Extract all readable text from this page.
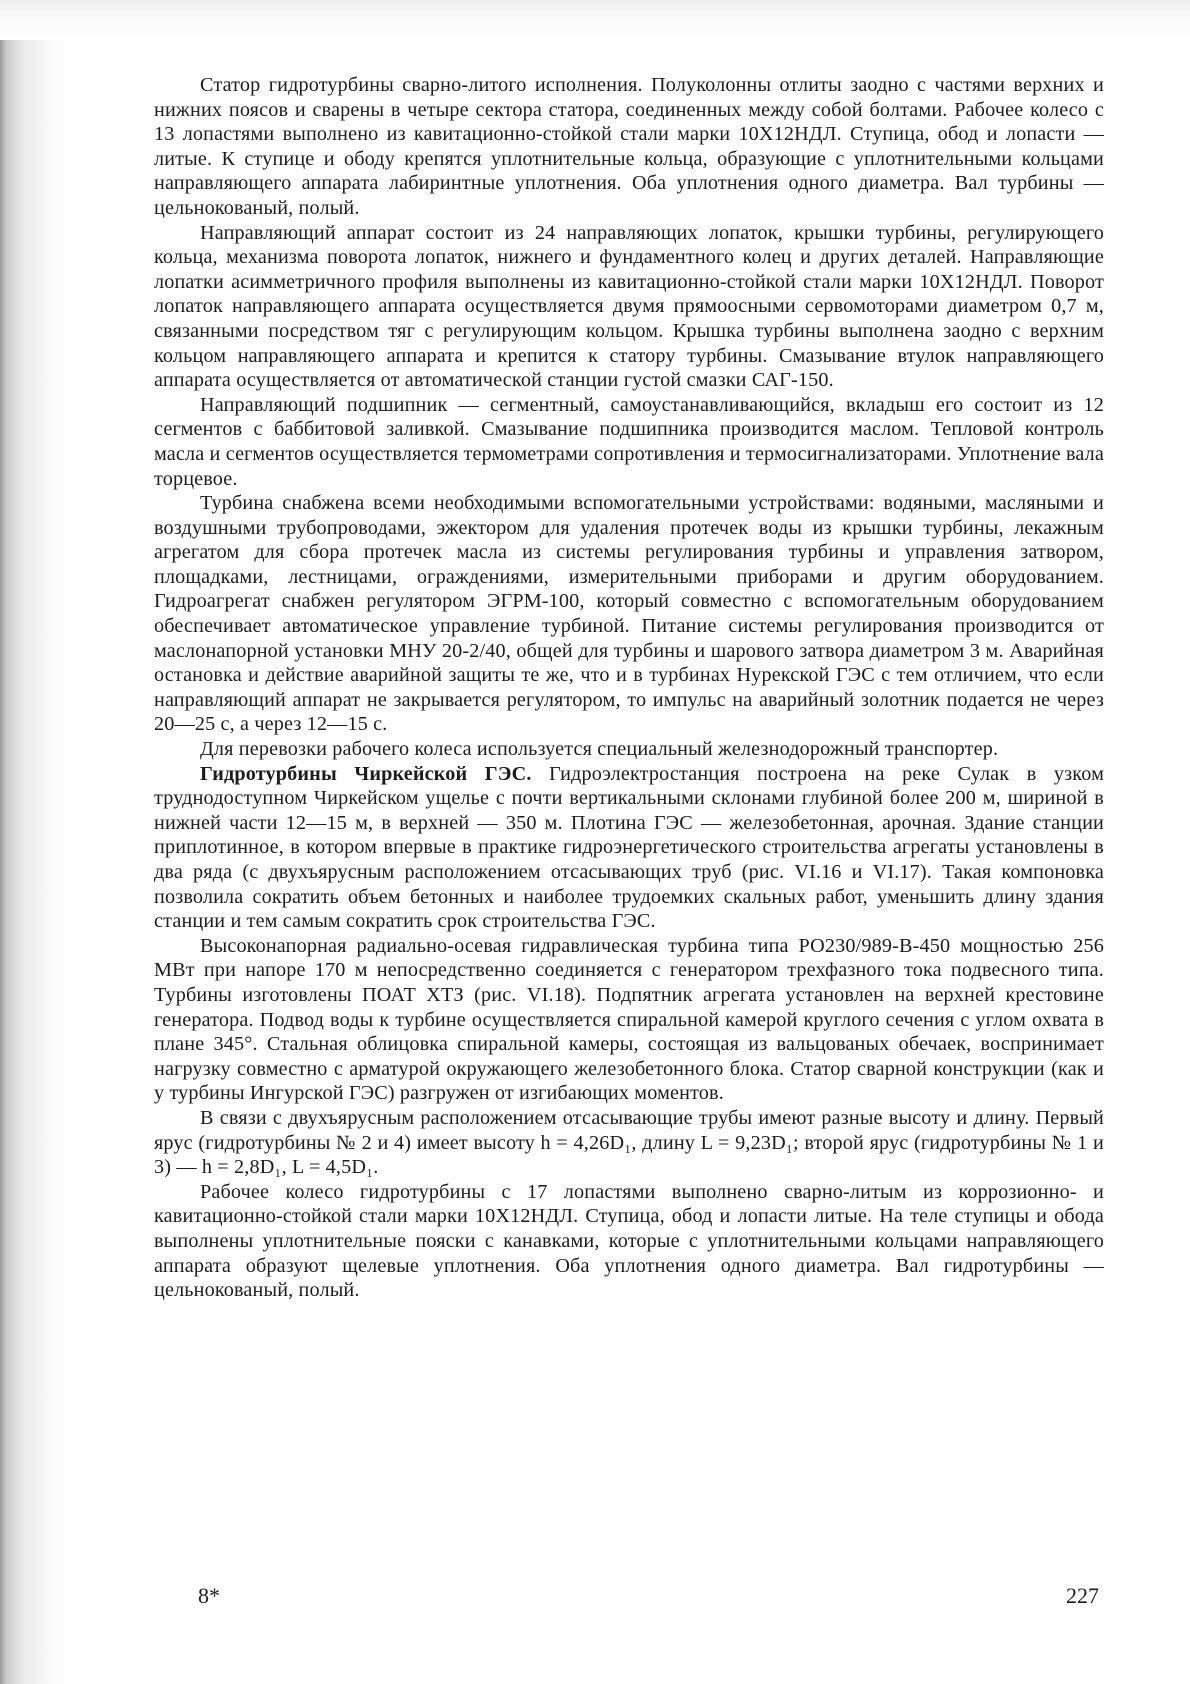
Статор гидротурбины сварно-литого исполнения. Полуколонны отлиты заодно с частями верхних и нижних поясов и сварены в четыре сектора статора, соединенных между собой болтами. Рабочее колесо с 13 лопастями выполнено из кавитационно-стойкой стали марки 10Х12НДЛ. Ступица, обод и лопасти — литые. К ступице и ободу крепятся уплотнительные кольца, образующие с уплотнительными кольцами направляющего аппарата лабиринтные уплотнения. Оба уплотнения одного диаметра. Вал турбины — цельнокованый, полый.

Направляющий аппарат состоит из 24 направляющих лопаток, крышки турбины, регулирующего кольца, механизма поворота лопаток, нижнего и фундаментного колец и других деталей. Направляющие лопатки асимметричного профиля выполнены из кавитационно-стойкой стали марки 10Х12НДЛ. Поворот лопаток направляющего аппарата осуществляется двумя прямоосными сервомоторами диаметром 0,7 м, связанными посредством тяг с регулирующим кольцом. Крышка турбины выполнена заодно с верхним кольцом направляющего аппарата и крепится к статору турбины. Смазывание втулок направляющего аппарата осуществляется от автоматической станции густой смазки САГ-150.

Направляющий подшипник — сегментный, самоустанавливающийся, вкладыш его состоит из 12 сегментов с баббитовой заливкой. Смазывание подшипника производится маслом. Тепловой контроль масла и сегментов осуществляется термометрами сопротивления и термосигнализаторами. Уплотнение вала торцевое.

Турбина снабжена всеми необходимыми вспомогательными устройствами: водяными, масляными и воздушными трубопроводами, эжектором для удаления протечек воды из крышки турбины, лекажным агрегатом для сбора протечек масла из системы регулирования турбины и управления затвором, площадками, лестницами, ограждениями, измерительными приборами и другим оборудованием. Гидроагрегат снабжен регулятором ЭГРМ-100, который совместно с вспомогательным оборудованием обеспечивает автоматическое управление турбиной. Питание системы регулирования производится от маслонапорной установки МНУ 20-2/40, общей для турбины и шарового затвора диаметром 3 м. Аварийная остановка и действие аварийной защиты те же, что и в турбинах Нурекской ГЭС с тем отличием, что если направляющий аппарат не закрывается регулятором, то импульс на аварийный золотник подается не через 20—25 с, а через 12—15 с.

Для перевозки рабочего колеса используется специальный железнодорожный транспортер.

Гидротурбины Чиркейской ГЭС. Гидроэлектростанция построена на реке Сулак в узком труднодоступном Чиркейском ущелье с почти вертикальными склонами глубиной более 200 м, шириной в нижней части 12—15 м, в верхней — 350 м. Плотина ГЭС — железобетонная, арочная. Здание станции приплотинное, в котором впервые в практике гидроэнергетического строительства агрегаты установлены в два ряда (с двухъярусным расположением отсасывающих труб (рис. VI.16 и VI.17). Такая компоновка позволила сократить объем бетонных и наиболее трудоемких скальных работ, уменьшить длину здания станции и тем самым сократить срок строительства ГЭС.

Высоконапорная радиально-осевая гидравлическая турбина типа РО230/989-В-450 мощностью 256 МВт при напоре 170 м непосредственно соединяется с генератором трехфазного тока подвесного типа. Турбины изготовлены ПОАТ ХТЗ (рис. VI.18). Подпятник агрегата установлен на верхней крестовине генератора. Подвод воды к турбине осуществляется спиральной камерой круглого сечения с углом охвата в плане 345°. Стальная облицовка спиральной камеры, состоящая из вальцованых обечаек, воспринимает нагрузку совместно с арматурой окружающего железобетонного блока. Статор сварной конструкции (как и у турбины Ингурской ГЭС) разгружен от изгибающих моментов.

В связи с двухъярусным расположением отсасывающие трубы имеют разные высоту и длину. Первый ярус (гидротурбины № 2 и 4) имеет высоту h = 4,26D₁, длину L = 9,23D₁; второй ярус (гидротурбины № 1 и 3) — h = 2,8D₁, L = 4,5D₁.

Рабочее колесо гидротурбины с 17 лопастями выполнено сварно-литым из коррозионно- и кавитационно-стойкой стали марки 10Х12НДЛ. Ступица, обод и лопасти литые. На теле ступицы и обода выполнены уплотнительные пояски с канавками, которые с уплотнительными кольцами направляющего аппарата образуют щелевые уплотнения. Оба уплотнения одного диаметра. Вал гидротурбины — цельнокованый, полый.

8*	227
